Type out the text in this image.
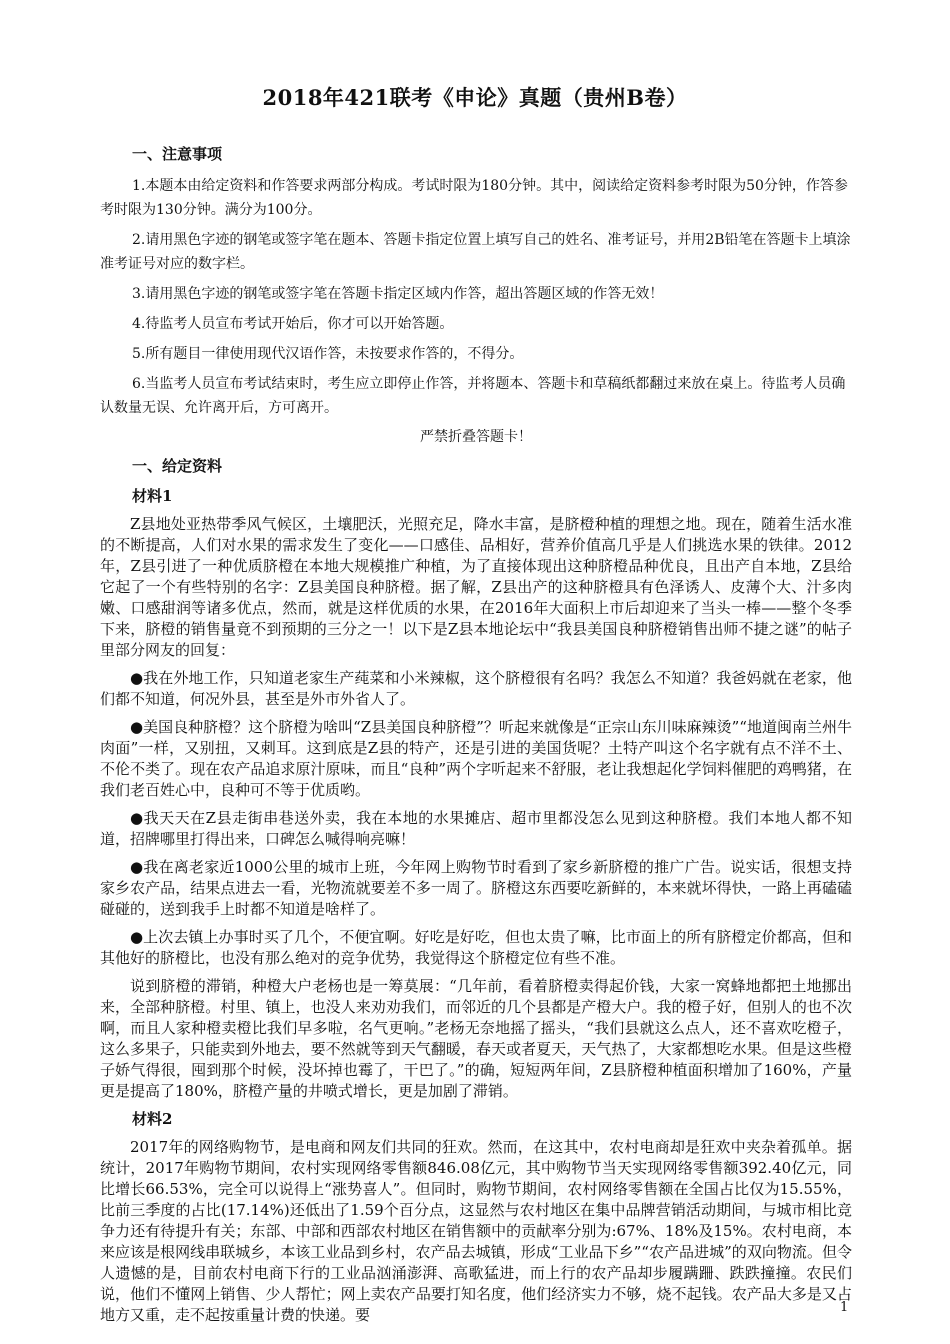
2018年421联考《申论》真题（贵州B卷）
一、注意事项

1.本题本由给定资料和作答要求两部分构成。考试时限为180分钟。其中，阅读给定资料参考时限为50分钟，作答参考时限为130分钟。满分为100分。

2.请用黑色字迹的钢笔或签字笔在题本、答题卡指定位置上填写自己的姓名、准考证号，并用2B铅笔在答题卡上填涂准考证号对应的数字栏。

3.请用黑色字迹的钢笔或签字笔在答题卡指定区域内作答，超出答题区域的作答无效！

4.待监考人员宣布考试开始后，你才可以开始答题。

5.所有题目一律使用现代汉语作答，未按要求作答的，不得分。

6.当监考人员宣布考试结束时，考生应立即停止作答，并将题本、答题卡和草稿纸都翻过来放在桌上。待监考人员确认数量无误、允许离开后，方可离开。

严禁折叠答题卡！
一、给定资料
材料1

Z县地处亚热带季风气候区，土壤肥沃，光照充足，降水丰富，是脐橙种植的理想之地。现在，随着生活水准的不断提高，人们对水果的需求发生了变化——口感佳、品相好，营养价值高几乎是人们挑选水果的铁律。2012年，Z县引进了一种优质脐橙在本地大规模推广种植，为了直接体现出这种脐橙品种优良，且出产自本地，Z县给它起了一个有些特别的名字：Z县美国良种脐橙。据了解，Z县出产的这种脐橙具有色泽诱人、皮薄个大、汁多肉嫩、口感甜润等诸多优点，然而，就是这样优质的水果，在2016年大面积上市后却迎来了当头一棒——整个冬季下来，脐橙的销售量竟不到预期的三分之一！以下是Z县本地论坛中“我县美国良种脐橙销售出师不捷之谜”的帖子里部分网友的回复：

●我在外地工作，只知道老家生产莼菜和小米辣椒，这个脐橙很有名吗？我怎么不知道？我爸妈就在老家，他们都不知道，何况外县，甚至是外市外省人了。

●美国良种脐橙？这个脐橙为啥叫“Z县美国良种脐橙”？听起来就像是“正宗山东川味麻辣烫”“地道闽南兰州牛肉面”一样，又别扭，又刺耳。这到底是Z县的特产，还是引进的美国货呢？土特产叫这个名字就有点不洋不土、不伦不类了。现在农产品追求原汁原味，而且“良种”两个字听起来不舒服，老让我想起化学饲料催肥的鸡鸭猪，在我们老百姓心中，良种可不等于优质哟。

●我天天在Z县走街串巷送外卖，我在本地的水果摊店、超市里都没怎么见到这种脐橙。我们本地人都不知道，招牌哪里打得出来，口碑怎么喊得响亮嘛！

●我在离老家近1000公里的城市上班，今年网上购物节时看到了家乡新脐橙的推广广告。说实话，很想支持家乡农产品，结果点进去一看，光物流就要差不多一周了。脐橙这东西要吃新鲜的，本来就坏得快，一路上再磕磕碰碰的，送到我手上时都不知道是啥样了。

●上次去镇上办事时买了几个，不便宜啊。好吃是好吃，但也太贵了嘛，比市面上的所有脐橙定价都高，但和其他好的脐橙比，也没有那么绝对的竞争优势，我觉得这个脐橙定位有些不准。

说到脐橙的滞销，种橙大户老杨也是一筹莫展：“几年前，看着脐橙卖得起价钱，大家一窝蜂地都把土地挪出来，全部种脐橙。村里、镇上，也没人来劝劝我们，而邻近的几个县都是产橙大户。我的橙子好，但别人的也不次啊，而且人家种橙卖橙比我们早多啦，名气更响。”老杨无奈地摇了摇头，“我们县就这么点人，还不喜欢吃橙子，这么多果子，只能卖到外地去，要不然就等到天气翻暖，春天或者夏天，天气热了，大家都想吃水果。但是这些橙子娇气得很，囤到那个时候，没坏掉也霉了，干巴了。”的确，短短两年间，Z县脐橙种植面积增加了160%，产量更是提高了180%，脐橙产量的井喷式增长，更是加剧了滞销。

材料2

2017年的网络购物节，是电商和网友们共同的狂欢。然而，在这其中，农村电商却是狂欢中夹杂着孤单。据统计，2017年购物节期间，农村实现网络零售额846.08亿元，其中购物节当天实现网络零售额392.40亿元，同比增长66.53%，完全可以说得上“涨势喜人”。但同时，购物节期间，农村网络零售额在全国占比仅为15.55%，比前三季度的占比(17.14%)还低出了1.59个百分点，这显然与农村地区在集中品牌营销活动期间，与城市相比竞争力还有待提升有关；东部、中部和西部农村地区在销售额中的贡献率分别为:67%、18%及15%。农村电商，本来应该是根网线串联城乡，本该工业品到乡村，农产品去城镇，形成“工业品下乡”“农产品进城”的双向物流。但令人遗憾的是，目前农村电商下行的工业品汹涌澎湃、高歌猛进，而上行的农产品却步履蹒跚、跌跌撞撞。农民们说，他们不懂网上销售、少人帮忙；网上卖农产品要打知名度，他们经济实力不够，烧不起钱。农产品大多是又占地方又重，走不起按重量计费的快递。要	1
